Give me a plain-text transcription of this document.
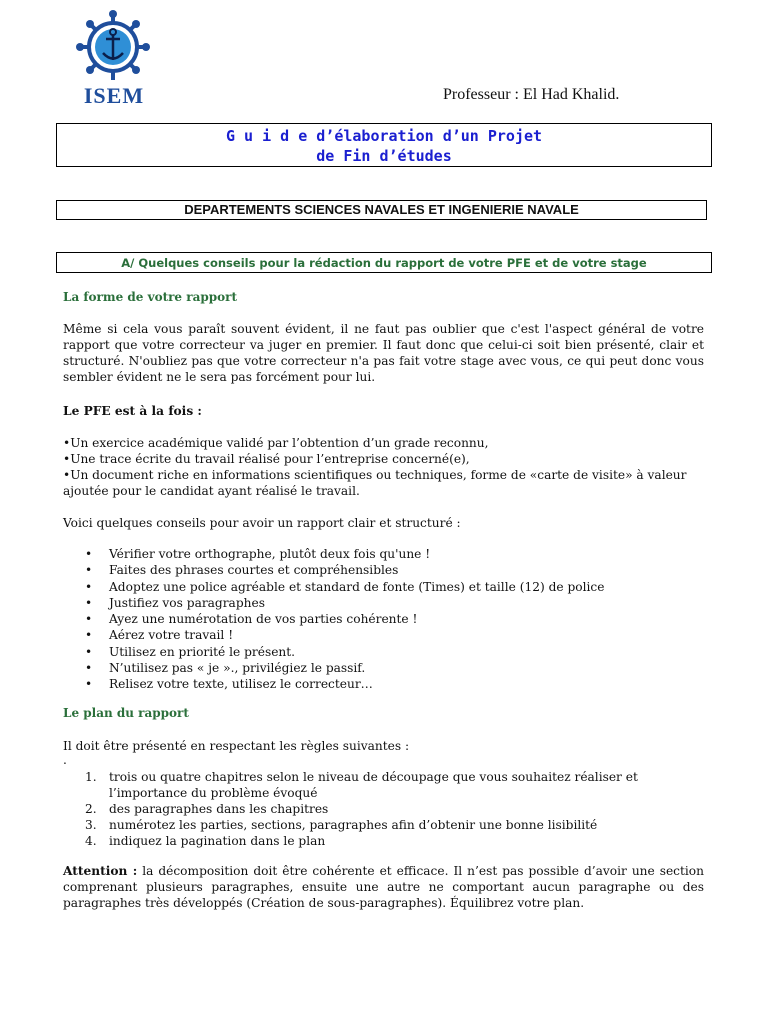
ISEM	Professeur : El Had Khalid.
G u i d e d’élaboration d’un Projet
de Fin d’études
DEPARTEMENTS SCIENCES NAVALES ET INGENIERIE NAVALE
A/ Quelques conseils pour la rédaction du rapport de votre PFE et de votre stage
La forme de votre rapport
Même si cela vous paraît souvent évident, il ne faut pas oublier que c'est l'aspect général de votre rapport que votre correcteur va juger en premier. Il faut donc que celui-ci soit bien présenté, clair et structuré. N'oubliez pas que votre correcteur n'a pas fait votre stage avec vous, ce qui peut donc vous sembler évident ne le sera pas forcément pour lui.
Le PFE est à la fois :
•Un exercice académique validé par l’obtention d’un grade reconnu,
•Une trace écrite du travail réalisé pour l’entreprise concerné(e),
•Un document riche en informations scientifiques ou techniques, forme de «carte de visite» à valeur ajoutée pour le candidat ayant réalisé le travail.
Voici quelques conseils pour avoir un rapport clair et structuré :
• Vérifier votre orthographe, plutôt deux fois qu'une !
• Faites des phrases courtes et compréhensibles
• Adoptez une police agréable et standard de fonte (Times) et taille (12) de police
• Justifiez vos paragraphes
• Ayez une numérotation de vos parties cohérente !
• Aérez votre travail !
• Utilisez en priorité le présent.
• N’utilisez pas « je »., privilégiez le passif.
• Relisez votre texte, utilisez le correcteur…
Le plan du rapport
Il doit être présenté en respectant les règles suivantes :
.
1. trois ou quatre chapitres selon le niveau de découpage que vous souhaitez réaliser et l’importance du problème évoqué
2. des paragraphes dans les chapitres
3. numérotez les parties, sections, paragraphes afin d’obtenir une bonne lisibilité
4. indiquez la pagination dans le plan
Attention : la décomposition doit être cohérente et efficace. Il n’est pas possible d’avoir une section comprenant plusieurs paragraphes, ensuite une autre ne comportant aucun paragraphe ou des paragraphes très développés (Création de sous-paragraphes). Équilibrez votre plan.
